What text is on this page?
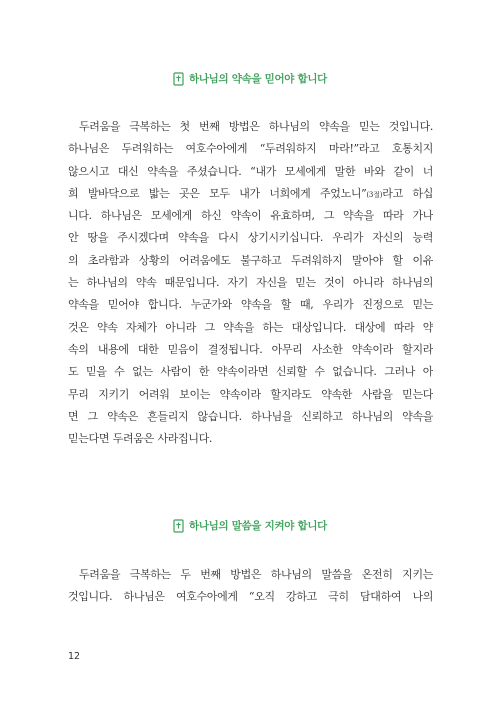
하나님의 약속을 믿어야 합니다
두려움을 극복하는 첫 번째 방법은 하나님의 약속을 믿는 것입니다.
하나님은 두려워하는 여호수아에게 “두려워하지 마라!”라고 호통치지
않으시고 대신 약속을 주셨습니다. “내가 모세에게 말한 바와 같이 너
희 발바닥으로 밟는 곳은 모두 내가 너희에게 주었노니”(3절)라고 하십
니다. 하나님은 모세에게 하신 약속이 유효하며, 그 약속을 따라 가나
안 땅을 주시겠다며 약속을 다시 상기시키십니다. 우리가 자신의 능력
의 초라함과 상황의 어려움에도 불구하고 두려워하지 말아야 할 이유
는 하나님의 약속 때문입니다. 자기 자신을 믿는 것이 아니라 하나님의
약속을 믿어야 합니다. 누군가와 약속을 할 때, 우리가 진정으로 믿는
것은 약속 자체가 아니라 그 약속을 하는 대상입니다. 대상에 따라 약
속의 내용에 대한 믿음이 결정됩니다. 아무리 사소한 약속이라 할지라
도 믿을 수 없는 사람이 한 약속이라면 신뢰할 수 없습니다. 그러나 아
무리 지키기 어려워 보이는 약속이라 할지라도 약속한 사람을 믿는다
면 그 약속은 흔들리지 않습니다. 하나님을 신뢰하고 하나님의 약속을
믿는다면 두려움은 사라집니다.
하나님의 말씀을 지켜야 합니다
두려움을 극복하는 두 번째 방법은 하나님의 말씀을 온전히 지키는
것입니다. 하나님은 여호수아에게 “오직 강하고 극히 담대하여 나의
12
